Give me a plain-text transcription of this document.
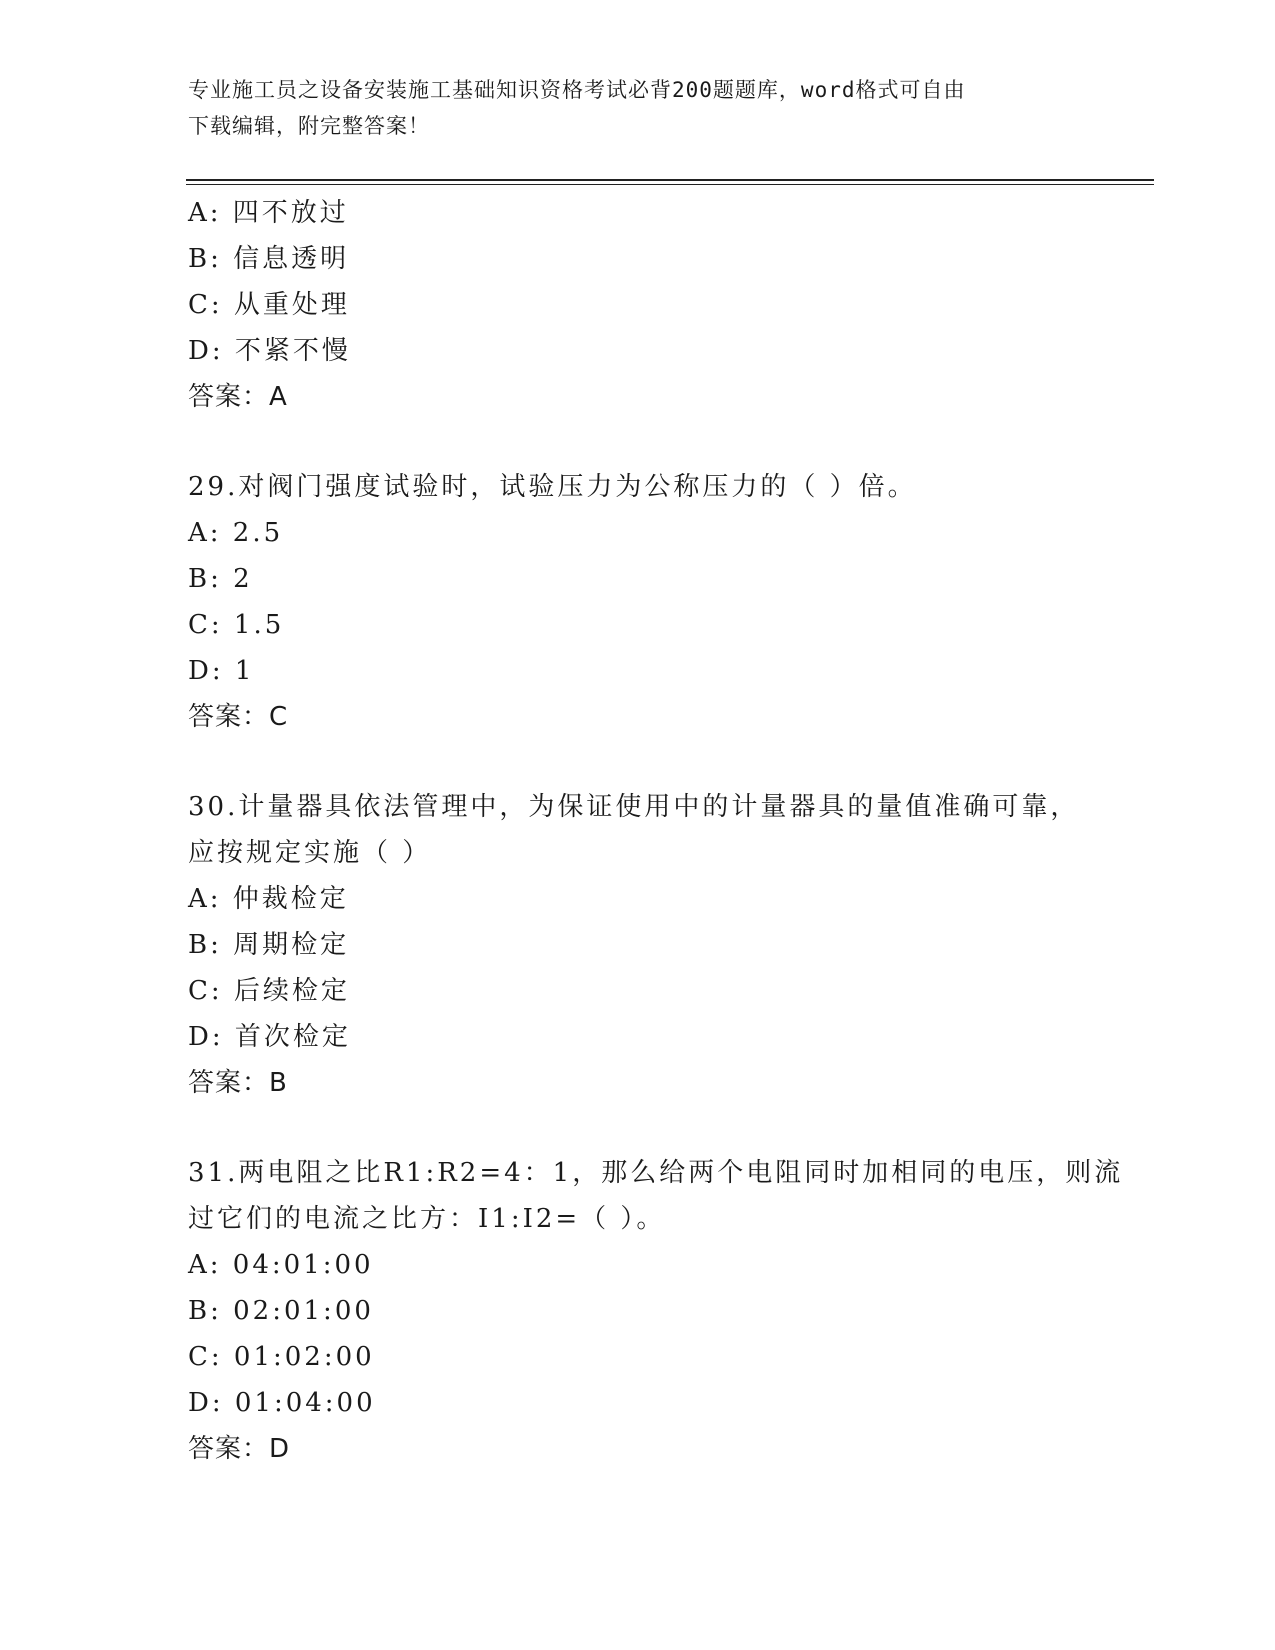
专业施工员之设备安装施工基础知识资格考试必背200题题库，word格式可自由
下载编辑，附完整答案！
A: 四不放过
B: 信息透明
C: 从重处理
D: 不紧不慢
答案：A
29.对阀门强度试验时，试验压力为公称压力的（ ）倍。
A: 2.5
B: 2
C: 1.5
D: 1
答案：C
30.计量器具依法管理中，为保证使用中的计量器具的量值准确可靠，
应按规定实施（ ）
A: 仲裁检定
B: 周期检定
C: 后续检定
D: 首次检定
答案：B
31.两电阻之比R1:R2=4：1，那么给两个电阻同时加相同的电压，则流
过它们的电流之比方：I1:I2=（ ）。
A: 04:01:00
B: 02:01:00
C: 01:02:00
D: 01:04:00
答案：D
